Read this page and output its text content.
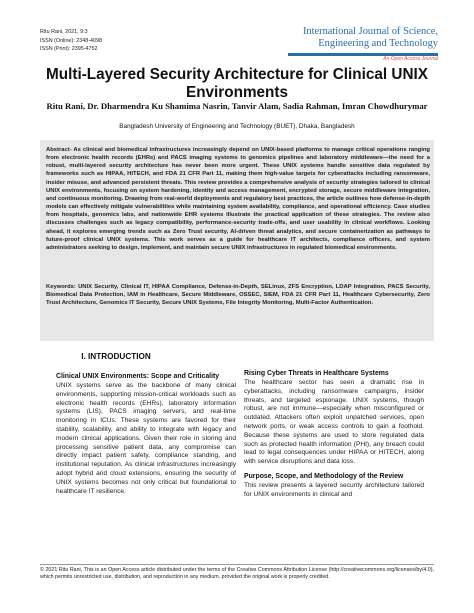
Ritu Rani, 2021, 9:3
ISSN (Online): 2348-4098
ISSN (Print): 2395-4752
International Journal of Science,
Engineering and Technology
An Open Access Journal
Multi-Layered Security Architecture for Clinical UNIX Environments
Ritu Rani, Dr. Dharmendra Ku Shamima Nasrin, Tanvir Alam, Sadia Rahman, Imran Chowdhurymar
Bangladesh University of Engineering and Technology (BUET), Dhaka, Bangladesh
Abstract- As clinical and biomedical infrastructures increasingly depend on UNIX-based platforms to manage critical operations ranging from electronic health records (EHRs) and PACS imaging systems to genomics pipelines and laboratory middleware—the need for a robust, multi-layered security architecture has never been more urgent. These UNIX systems handle sensitive data regulated by frameworks such as HIPAA, HITECH, and FDA 21 CFR Part 11, making them high-value targets for cyberattacks including ransomware, insider misuse, and advanced persistent threats. This review provides a comprehensive analysis of security strategies tailored to clinical UNIX environments, focusing on system hardening, identity and access management, encrypted storage, secure middleware integration, and continuous monitoring. Drawing from real-world deployments and regulatory best practices, the article outlines how defense-in-depth models can effectively mitigate vulnerabilities while maintaining system availability, compliance, and operational efficiency. Case studies from hospitals, genomics labs, and nationwide EHR systems illustrate the practical application of these strategies. The review also discusses challenges such as legacy compatibility, performance-security trade-offs, and user usability in clinical workflows. Looking ahead, it explores emerging trends such as Zero Trust security, AI-driven threat analytics, and secure containerization as pathways to future-proof clinical UNIX systems. This work serves as a guide for healthcare IT architects, compliance officers, and system administrators seeking to design, implement, and maintain secure UNIX infrastructures in regulated biomedical environments.
Keywords: UNIX Security, Clinical IT, HIPAA Compliance, Defense-in-Depth, SELinux, ZFS Encryption, LDAP Integration, PACS Security, Biomedical Data Protection, IAM in Healthcare, Secure Middleware, OSSEC, SIEM, FDA 21 CFR Part 11, Healthcare Cybersecurity, Zero Trust Architecture, Genomics IT Security, Secure UNIX Systems, File Integrity Monitoring, Multi-Factor Authentication.
I. INTRODUCTION
Clinical UNIX Environments: Scope and Criticality

UNIX systems serve as the backbone of many clinical environments, supporting mission-critical workloads such as electronic health records (EHRs), laboratory information systems (LIS), PACS imaging servers, and real-time monitoring in ICUs. These systems are favored for their stability, scalability, and ability to integrate with legacy and modern clinical applications. Given their role in storing and processing sensitive patient data, any compromise can directly impact patient safety, compliance standing, and institutional reputation. As clinical infrastructures increasingly adopt hybrid and cloud extensions, ensuring the security of UNIX systems becomes not only critical but foundational to healthcare IT resilience.

Rising Cyber Threats in Healthcare Systems

The healthcare sector has seen a dramatic rise in cyberattacks, including ransomware campaigns, insider threats, and targeted espionage. UNIX systems, though robust, are not immune—especially when misconfigured or outdated. Attackers often exploit unpatched services, open network ports, or weak access controls to gain a foothold. Because these systems are used to store regulated data such as protected health information (PHI), any breach could lead to legal consequences under HIPAA or HITECH, along with service disruptions and data loss.

Purpose, Scope, and Methodology of the Review

This review presents a layered security architecture tailored for UNIX environments in clinical and

© 2021 Ritu Rani, This is an Open Access article distributed under the terms of the Creative Commons Attribution License (http://creativecommons.org/licenses/by/4.0), which permits unrestricted use, distribution, and reproduction in any medium, provided the original work is properly credited.
